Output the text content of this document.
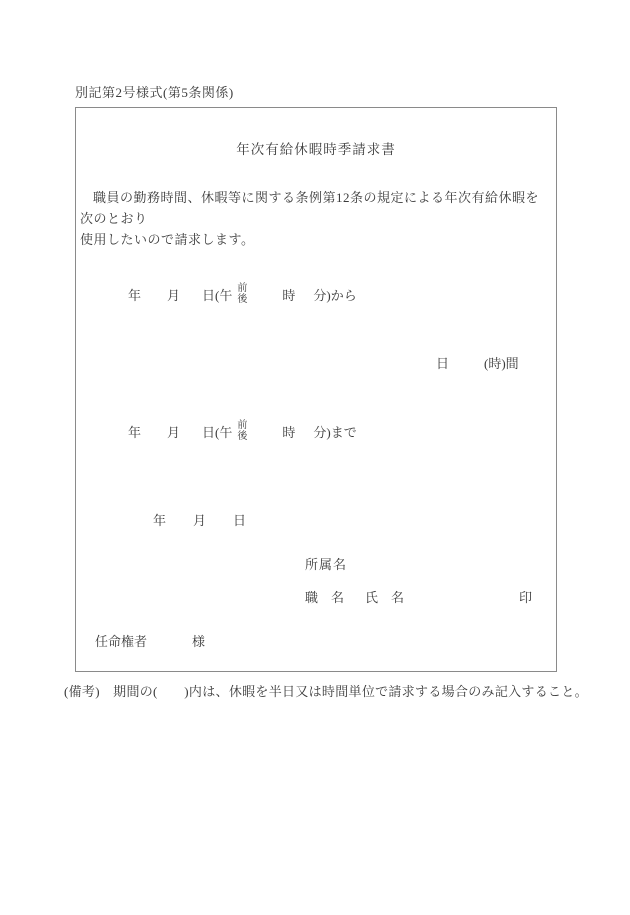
別記第2号様式(第5条関係)
年次有給休暇時季請求書
職員の勤務時間、休暇等に関する条例第12条の規定による年次有給休暇を次のとおり
使用したいので請求します。
年 月 日(午 前
後	時 分)から
日	(時)間
年 月 日(午 前
後	時 分)まで
年 月 日
所属名
職　名 氏　名	印
任命権者	様
(備考)　期間の(　　)内は、休暇を半日又は時間単位で請求する場合のみ記入すること。
